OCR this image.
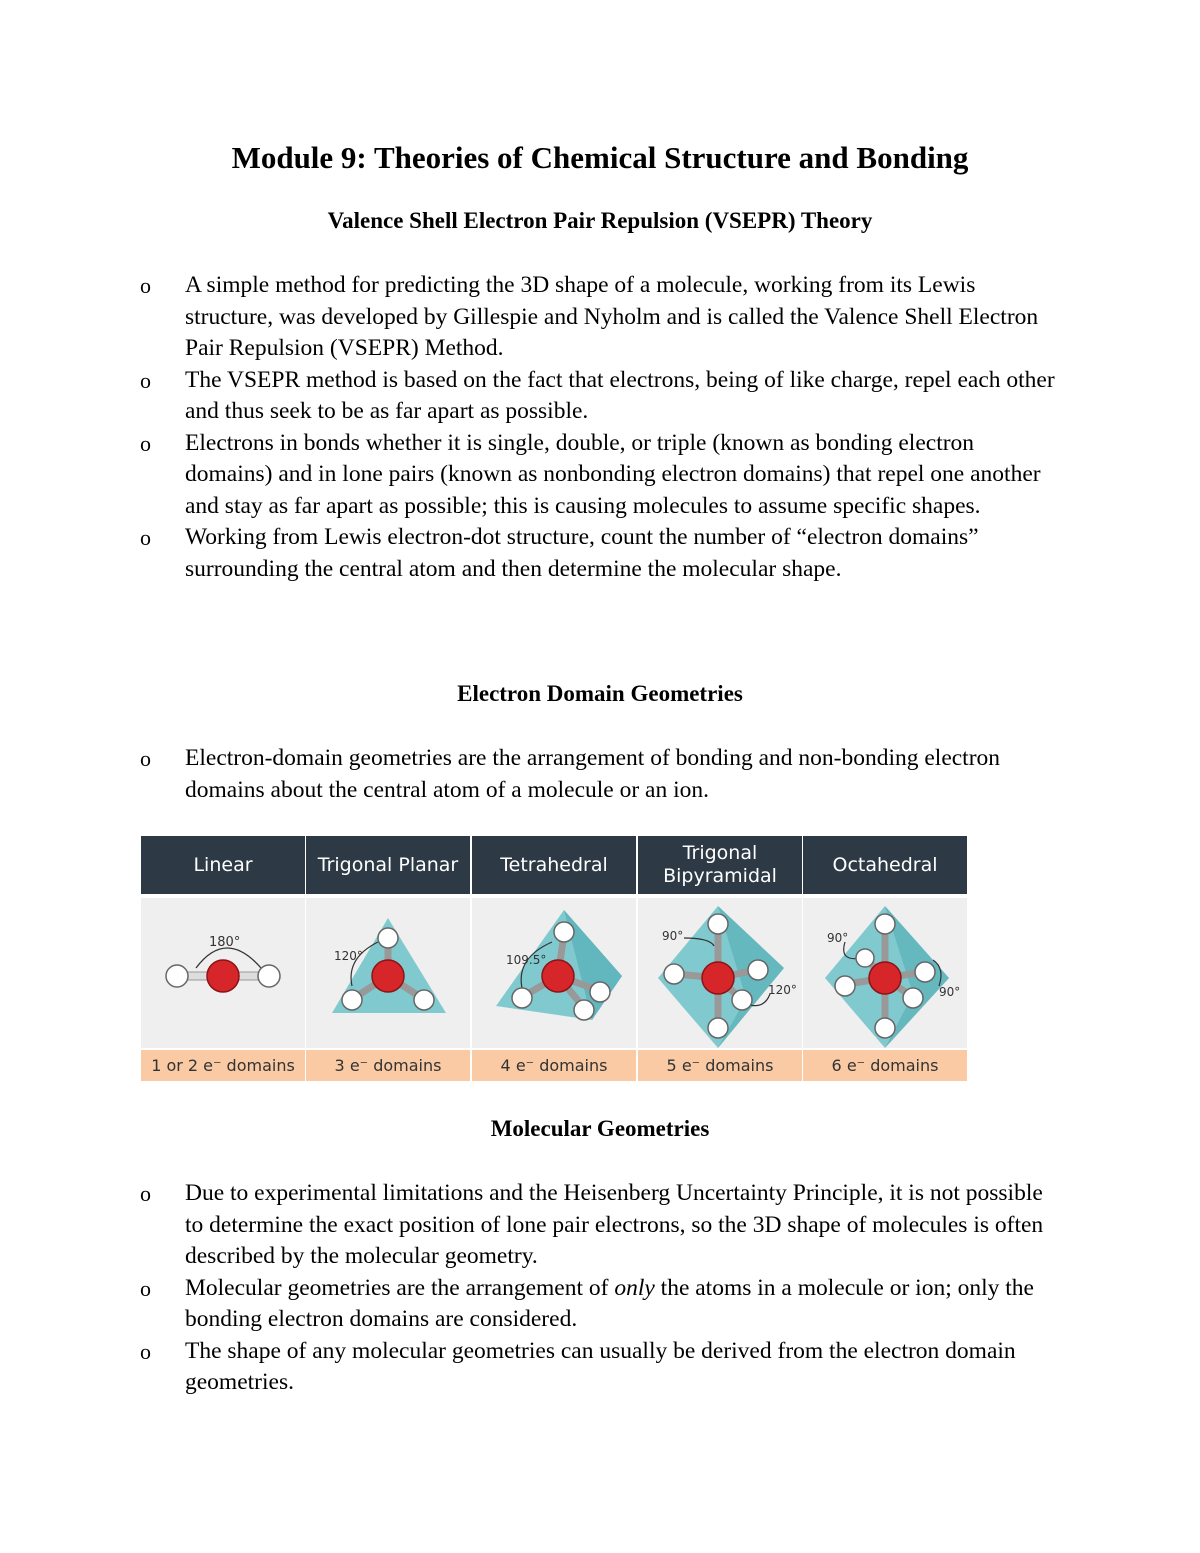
Module 9: Theories of Chemical Structure and Bonding
Valence Shell Electron Pair Repulsion (VSEPR) Theory
o A simple method for predicting the 3D shape of a molecule, working from its Lewis structure, was developed by Gillespie and Nyholm and is called the Valence Shell Electron Pair Repulsion (VSEPR) Method.
o The VSEPR method is based on the fact that electrons, being of like charge, repel each other and thus seek to be as far apart as possible.
o Electrons in bonds whether it is single, double, or triple (known as bonding electron domains) and in lone pairs (known as nonbonding electron domains) that repel one another and stay as far apart as possible; this is causing molecules to assume specific shapes.
o Working from Lewis electron-dot structure, count the number of “electron domains” surrounding the central atom and then determine the molecular shape.
Electron Domain Geometries
o Electron-domain geometries are the arrangement of bonding and non-bonding electron domains about the central atom of a molecule or an ion.
Linear
180°
1 or 2 e⁻ domains
Trigonal Planar
120°
3 e⁻ domains
Tetrahedral
109.5°
4 e⁻ domains
Trigonal Bipyramidal
90°
120°
5 e⁻ domains
Octahedral
90°
90°
6 e⁻ domains
Molecular Geometries
o Due to experimental limitations and the Heisenberg Uncertainty Principle, it is not possible to determine the exact position of lone pair electrons, so the 3D shape of molecules is often described by the molecular geometry.
o Molecular geometries are the arrangement of only the atoms in a molecule or ion; only the bonding electron domains are considered.
o The shape of any molecular geometries can usually be derived from the electron domain geometries.
